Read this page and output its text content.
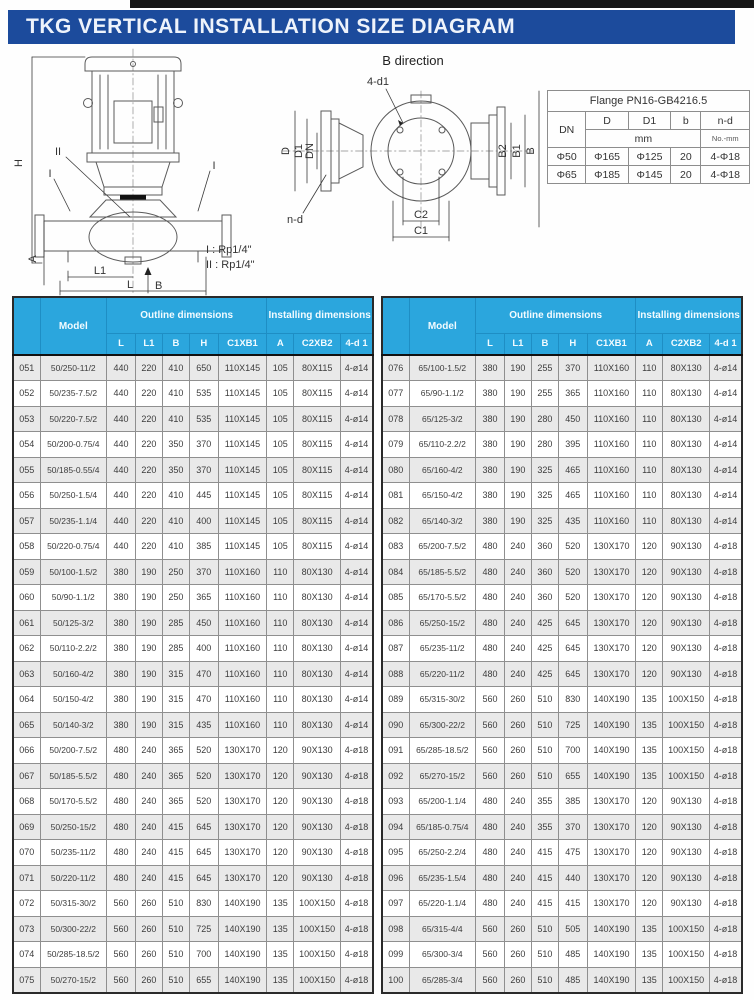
TKG VERTICAL INSTALLATION SIZE DIAGRAM
H
A
L1
L B
II
I
I
B direction
D D1 DN
n-d
4-d1
B2 B1 B
C2
C1
I : Rp1/4"
II : Rp1/4"
Flange PN16-GB4216.5				
DN	D	D1	b	n-d
	mm			No.-mm
Φ50	Φ165	Φ125	20	4-Φ18
Φ65	Φ185	Φ145	20	4-Φ18
	Model	Outline dimensions					Installing dimensions		
		L	L1	B	H	C1XB1	A	C2XB2	4-d 1
051	50/250-11/2	440	220	410	650	110X145	105	80X115	4-ø14
052	50/235-7.5/2	440	220	410	535	110X145	105	80X115	4-ø14
053	50/220-7.5/2	440	220	410	535	110X145	105	80X115	4-ø14
054	50/200-0.75/4	440	220	350	370	110X145	105	80X115	4-ø14
055	50/185-0.55/4	440	220	350	370	110X145	105	80X115	4-ø14
056	50/250-1.5/4	440	220	410	445	110X145	105	80X115	4-ø14
057	50/235-1.1/4	440	220	410	400	110X145	105	80X115	4-ø14
058	50/220-0.75/4	440	220	410	385	110X145	105	80X115	4-ø14
059	50/100-1.5/2	380	190	250	370	110X160	110	80X130	4-ø14
060	50/90-1.1/2	380	190	250	365	110X160	110	80X130	4-ø14
061	50/125-3/2	380	190	285	450	110X160	110	80X130	4-ø14
062	50/110-2.2/2	380	190	285	400	110X160	110	80X130	4-ø14
063	50/160-4/2	380	190	315	470	110X160	110	80X130	4-ø14
064	50/150-4/2	380	190	315	470	110X160	110	80X130	4-ø14
065	50/140-3/2	380	190	315	435	110X160	110	80X130	4-ø14
066	50/200-7.5/2	480	240	365	520	130X170	120	90X130	4-ø18
067	50/185-5.5/2	480	240	365	520	130X170	120	90X130	4-ø18
068	50/170-5.5/2	480	240	365	520	130X170	120	90X130	4-ø18
069	50/250-15/2	480	240	415	645	130X170	120	90X130	4-ø18
070	50/235-11/2	480	240	415	645	130X170	120	90X130	4-ø18
071	50/220-11/2	480	240	415	645	130X170	120	90X130	4-ø18
072	50/315-30/2	560	260	510	830	140X190	135	100X150	4-ø18
073	50/300-22/2	560	260	510	725	140X190	135	100X150	4-ø18
074	50/285-18.5/2	560	260	510	700	140X190	135	100X150	4-ø18
075	50/270-15/2	560	260	510	655	140X190	135	100X150	4-ø18
	Model	Outline dimensions					Installing dimensions		
		L	L1	B	H	C1XB1	A	C2XB2	4-d 1
076	65/100-1.5/2	380	190	255	370	110X160	110	80X130	4-ø14
077	65/90-1.1/2	380	190	255	365	110X160	110	80X130	4-ø14
078	65/125-3/2	380	190	280	450	110X160	110	80X130	4-ø14
079	65/110-2.2/2	380	190	280	395	110X160	110	80X130	4-ø14
080	65/160-4/2	380	190	325	465	110X160	110	80X130	4-ø14
081	65/150-4/2	380	190	325	465	110X160	110	80X130	4-ø14
082	65/140-3/2	380	190	325	435	110X160	110	80X130	4-ø14
083	65/200-7.5/2	480	240	360	520	130X170	120	90X130	4-ø18
084	65/185-5.5/2	480	240	360	520	130X170	120	90X130	4-ø18
085	65/170-5.5/2	480	240	360	520	130X170	120	90X130	4-ø18
086	65/250-15/2	480	240	425	645	130X170	120	90X130	4-ø18
087	65/235-11/2	480	240	425	645	130X170	120	90X130	4-ø18
088	65/220-11/2	480	240	425	645	130X170	120	90X130	4-ø18
089	65/315-30/2	560	260	510	830	140X190	135	100X150	4-ø18
090	65/300-22/2	560	260	510	725	140X190	135	100X150	4-ø18
091	65/285-18.5/2	560	260	510	700	140X190	135	100X150	4-ø18
092	65/270-15/2	560	260	510	655	140X190	135	100X150	4-ø18
093	65/200-1.1/4	480	240	355	385	130X170	120	90X130	4-ø18
094	65/185-0.75/4	480	240	355	370	130X170	120	90X130	4-ø18
095	65/250-2.2/4	480	240	415	475	130X170	120	90X130	4-ø18
096	65/235-1.5/4	480	240	415	440	130X170	120	90X130	4-ø18
097	65/220-1.1/4	480	240	415	415	130X170	120	90X130	4-ø18
098	65/315-4/4	560	260	510	505	140X190	135	100X150	4-ø18
099	65/300-3/4	560	260	510	485	140X190	135	100X150	4-ø18
100	65/285-3/4	560	260	510	485	140X190	135	100X150	4-ø18
